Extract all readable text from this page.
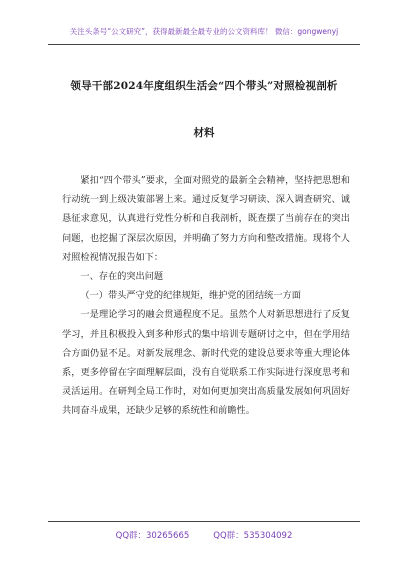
关注头条号“公文研究”，获得最新最全最专业的公文资料库！ 微信：gongwenyj
领导干部2024年度组织生活会“四个带头”对照检视剖析
材料

紧扣“四个带头”要求，全面对照党的最新全会精神，坚持把思想和行动统一到上级决策部署上来。通过反复学习研读、深入调查研究、诚恳征求意见，认真进行党性分析和自我剖析，既查摆了当前存在的突出问题，也挖掘了深层次原因，并明确了努力方向和整改措施。现将个人对照检视情况报告如下：

一、存在的突出问题

（一）带头严守党的纪律规矩，维护党的团结统一方面

一是理论学习的融会贯通程度不足。虽然个人对新思想进行了反复学习，并且积极投入到多种形式的集中培训专题研讨之中，但在学用结合方面仍显不足。对新发展理念、新时代党的建设总要求等重大理论体系，更多停留在字面理解层面，没有自觉联系工作实际进行深度思考和灵活运用。在研判全局工作时，对如何更加突出高质量发展如何巩固好共同奋斗成果，还缺少足够的系统性和前瞻性。

QQ群：30265665	QQ群：535304092
